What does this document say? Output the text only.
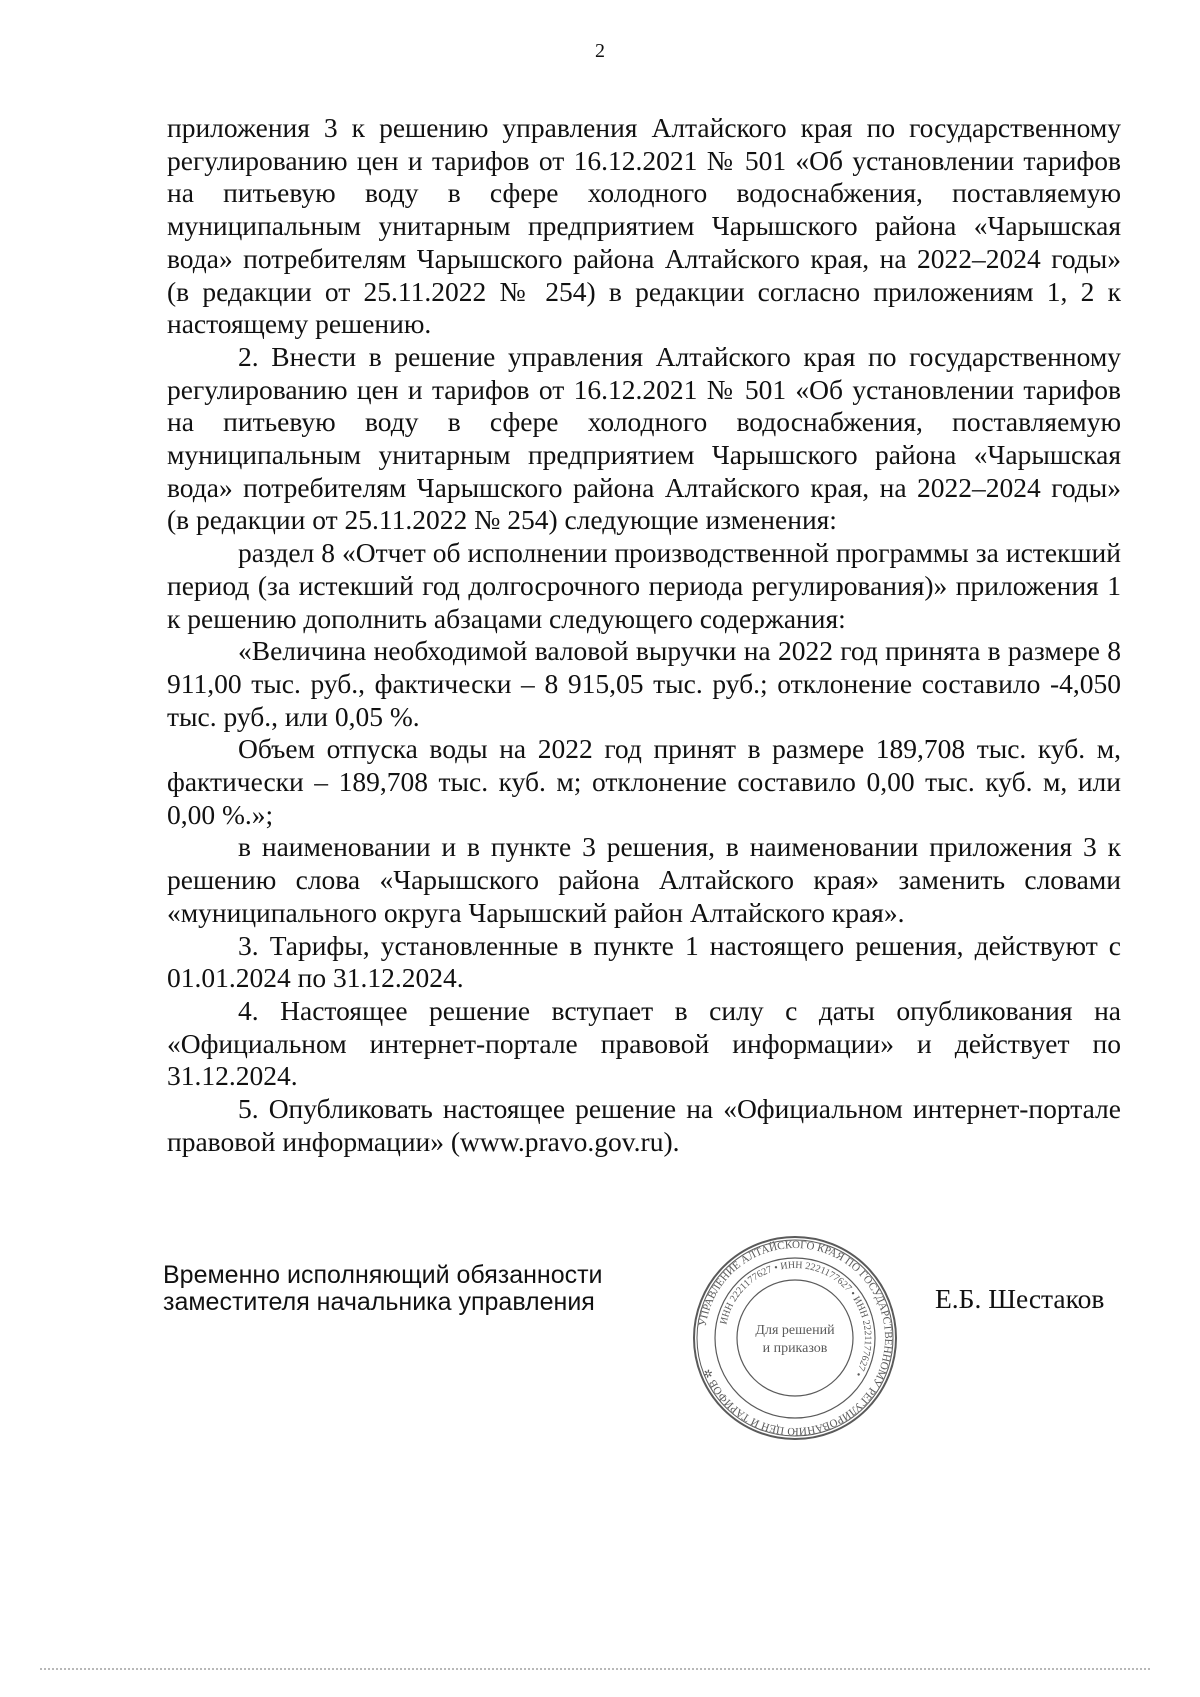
2

приложения 3 к решению управления Алтайского края по государственному регулированию цен и тарифов от 16.12.2021 № 501 «Об установлении тарифов на питьевую воду в сфере холодного водоснабжения, поставляемую муниципальным унитарным предприятием Чарышского района «Чарышская вода» потребителям Чарышского района Алтайского края, на 2022–2024 годы» (в редакции от 25.11.2022 № 254) в редакции согласно приложениям 1, 2 к настоящему решению.

2. Внести в решение управления Алтайского края по государственному регулированию цен и тарифов от 16.12.2021 № 501 «Об установлении тарифов на питьевую воду в сфере холодного водоснабжения, поставляемую муниципальным унитарным предприятием Чарышского района «Чарышская вода» потребителям Чарышского района Алтайского края, на 2022–2024 годы» (в редакции от 25.11.2022 № 254) следующие изменения:

раздел 8 «Отчет об исполнении производственной программы за истекший период (за истекший год долгосрочного периода регулирования)» приложения 1 к решению дополнить абзацами следующего содержания:

«Величина необходимой валовой выручки на 2022 год принята в размере 8 911,00 тыс. руб., фактически – 8 915,05 тыс. руб.; отклонение составило -4,050 тыс. руб., или 0,05 %.

Объем отпуска воды на 2022 год принят в размере 189,708 тыс. куб. м, фактически – 189,708 тыс. куб. м; отклонение составило 0,00 тыс. куб. м, или 0,00 %.»;

в наименовании и в пункте 3 решения, в наименовании приложения 3 к решению слова «Чарышского района Алтайского края» заменить словами «муниципального округа Чарышский район Алтайского края».

3. Тарифы, установленные в пункте 1 настоящего решения, действуют с 01.01.2024 по 31.12.2024.

4. Настоящее решение вступает в силу с даты опубликования на «Официальном интернет-портале правовой информации» и действует по 31.12.2024.

5. Опубликовать настоящее решение на «Официальном интернет-портале правовой информации» (www.pravo.gov.ru).

Временно исполняющий обязанности
заместителя начальника управления	Е.Б. Шестаков
УПРАВЛЕНИЕ АЛТАЙСКОГО КРАЯ ПО ГОСУДАРСТВЕННОМУ РЕГУЛИРОВАНИЮ ЦЕН И ТАРИФОВ ✲
ИНН 2221177627 • ИНН 2221177627 • ИНН 2221177627 •
Для решений
и приказов
